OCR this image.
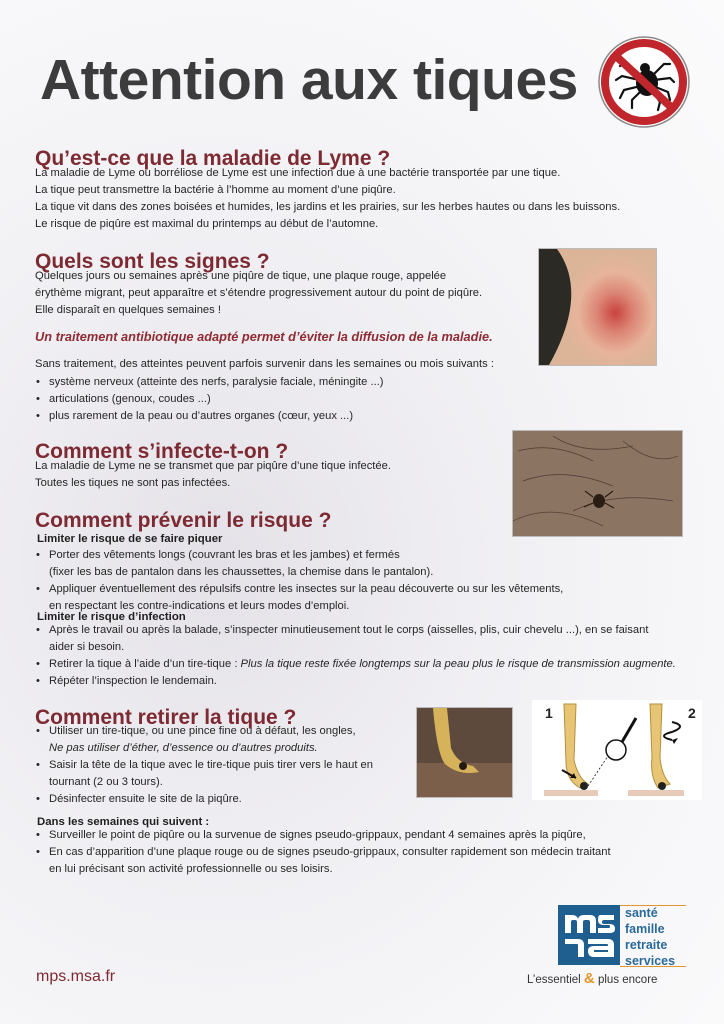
Attention aux tiques
Qu’est-ce que la maladie de Lyme ?
La maladie de Lyme ou borréliose de Lyme est une infection due à une bactérie transportée par une tique.
La tique peut transmettre la bactérie à l’homme au moment d’une piqûre.
La tique vit dans des zones boisées et humides, les jardins et les prairies, sur les herbes hautes ou dans les buissons.
Le risque de piqûre est maximal du printemps au début de l’automne.
Quels sont les signes ?
Quelques jours ou semaines après une piqûre de tique, une plaque rouge, appelée
érythème migrant, peut apparaître et s’étendre progressivement autour du point de piqûre.
Elle disparaît en quelques semaines !
Un traitement antibiotique adapté permet d’éviter la diffusion de la maladie.
Sans traitement, des atteintes peuvent parfois survenir dans les semaines ou mois suivants :
• système nerveux (atteinte des nerfs, paralysie faciale, méningite ...)
• articulations (genoux, coudes ...)
• plus rarement de la peau ou d’autres organes (cœur, yeux ...)
Comment s’infecte-t-on ?
La maladie de Lyme ne se transmet que par piqûre d’une tique infectée.
Toutes les tiques ne sont pas infectées.
Comment prévenir le risque ?
Limiter le risque de se faire piquer
• Porter des vêtements longs (couvrant les bras et les jambes) et fermés
(fixer les bas de pantalon dans les chaussettes, la chemise dans le pantalon).
• Appliquer éventuellement des répulsifs contre les insectes sur la peau découverte ou sur les vêtements,
en respectant les contre-indications et leurs modes d’emploi.
Limiter le risque d’infection
• Après le travail ou après la balade, s’inspecter minutieusement tout le corps (aisselles, plis, cuir chevelu ...), en se faisant
aider si besoin.
• Retirer la tique à l’aide d’un tire-tique : Plus la tique reste fixée longtemps sur la peau plus le risque de transmission augmente.
• Répéter l’inspection le lendemain.
Comment retirer la tique ?
• Utiliser un tire-tique, ou une pince fine ou à défaut, les ongles,
Ne pas utiliser d’éther, d’essence ou d’autres produits.
• Saisir la tête de la tique avec le tire-tique puis tirer vers le haut en
tournant (2 ou 3 tours).
• Désinfecter ensuite le site de la piqûre.
1	2
Dans les semaines qui suivent :
• Surveiller le point de piqûre ou la survenue de signes pseudo-grippaux, pendant 4 semaines après la piqûre,
• En cas d’apparition d’une plaque rouge ou de signes pseudo-grippaux, consulter rapidement son médecin traitant
en lui précisant son activité professionnelle ou ses loisirs.
santé
famille
retraite
services
L’essentiel & plus encore
mps.msa.fr
